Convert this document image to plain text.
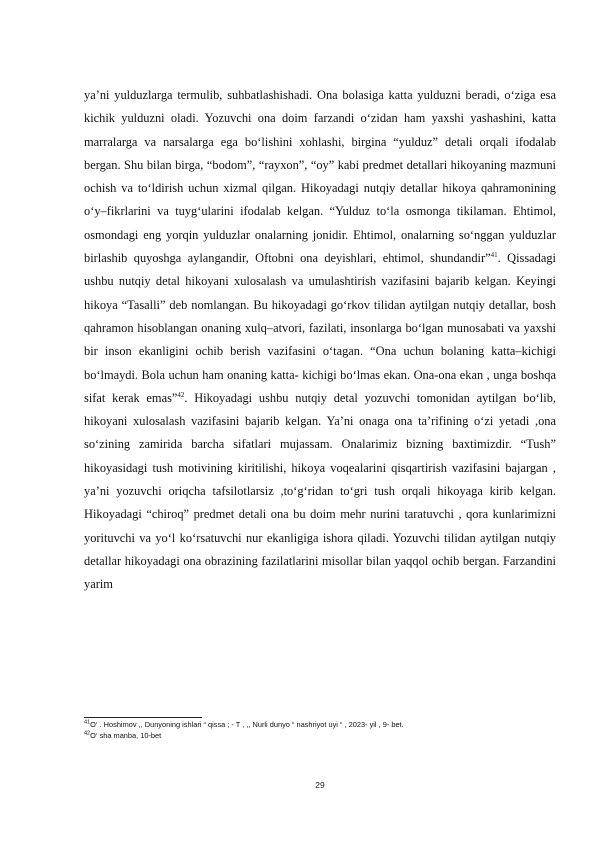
ya’ni yulduzlarga termulib, suhbatlashishadi. Ona bolasiga katta yulduzni beradi, o‘ziga esa kichik yulduzni oladi. Yozuvchi ona doim farzandi o‘zidan ham yaxshi yashashini, katta marralarga va narsalarga ega bo‘lishini xohlashi, birgina “yulduz” detali orqali ifodalab bergan. Shu bilan birga, “bodom”, “rayxon”, “oy” kabi predmet detallari hikoyaning mazmuni ochish va to‘ldirish uchun xizmal qilgan. Hikoyadagi nutqiy detallar hikoya qahramonining o‘y–fikrlarini va tuyg‘ularini ifodalab kelgan. “Yulduz to‘la osmonga tikilaman. Ehtimol, osmondagi eng yorqin yulduzlar onalarning jonidir. Ehtimol, onalarning so‘nggan yulduzlar birlashib quyoshga aylangandir, Oftobni ona deyishlari, ehtimol, shundandir”$^{41}$. Qissadagi ushbu nutqiy detal hikoyani xulosalash va umulashtirish vazifasini bajarib kelgan. Keyingi hikoya “Tasalli” deb nomlangan. Bu hikoyadagi go‘rkov tilidan aytilgan nutqiy detallar, bosh qahramon hisoblangan onaning xulq–atvori, fazilati, insonlarga bo‘lgan munosabati va yaxshi bir inson ekanligini ochib berish vazifasini o‘tagan. “Ona uchun bolaning katta–kichigi bo‘lmaydi. Bola uchun ham onaning katta- kichigi bo‘lmas ekan. Ona-ona ekan , unga boshqa sifat kerak emas”$^{42}$. Hikoyadagi ushbu nutqiy detal yozuvchi tomonidan aytilgan bo‘lib, hikoyani xulosalash vazifasini bajarib kelgan. Ya’ni onaga ona ta’rifining o‘zi yetadi ,ona so‘zining zamirida barcha sifatlari mujassam. Onalarimiz bizning baxtimizdir. “Tush” hikoyasidagi tush motivining kiritilishi, hikoya voqealarini qisqartirish vazifasini bajargan , ya’ni yozuvchi oriqcha tafsilotlarsiz ,to‘g‘ridan to‘gri tush orqali hikoyaga kirib kelgan. Hikoyadagi “chiroq” predmet detali ona bu doim mehr nurini taratuvchi , qora kunlarimizni yorituvchi va yo‘l ko‘rsatuvchi nur ekanligiga ishora qiladi. Yozuvchi tilidan aytilgan nutqiy detallar hikoyadagi ona obrazining fazilatlarini misollar bilan yaqqol ochib bergan. Farzandini yarim

$^{41}$O‘ . Hoshimov ,, Dunyoning ishlari “ qissa ; - T , ,, Nurli dunyo “ nashriyot uyi “ , 2023- yil , 9- bet.
$^{42}$O‘ sha manba, 10-bet
29
